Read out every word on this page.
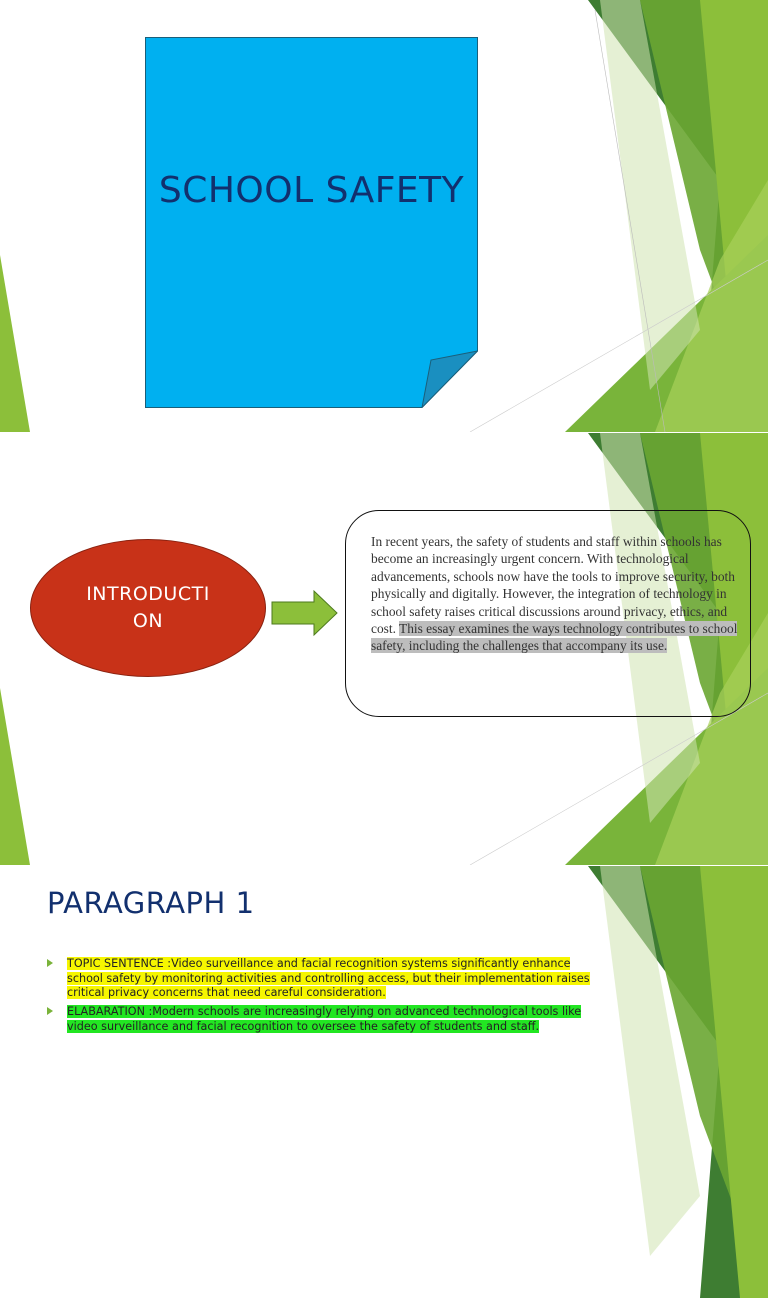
SCHOOL SAFETY
INTRODUCTI
ON
In recent years, the safety of students and staff within schools has become an increasingly urgent concern. With technological advancements, schools now have the tools to improve security, both physically and digitally. However, the integration of technology in school safety raises critical discussions around privacy, ethics, and cost. This essay examines the ways technology contributes to school safety, including the challenges that accompany its use.
PARAGRAPH 1
TOPIC SENTENCE :Video surveillance and facial recognition systems significantly enhance school safety by monitoring activities and controlling access, but their implementation raises critical privacy concerns that need careful consideration.
ELABARATION :Modern schools are increasingly relying on advanced technological tools like video surveillance and facial recognition to oversee the safety of students and staff.
